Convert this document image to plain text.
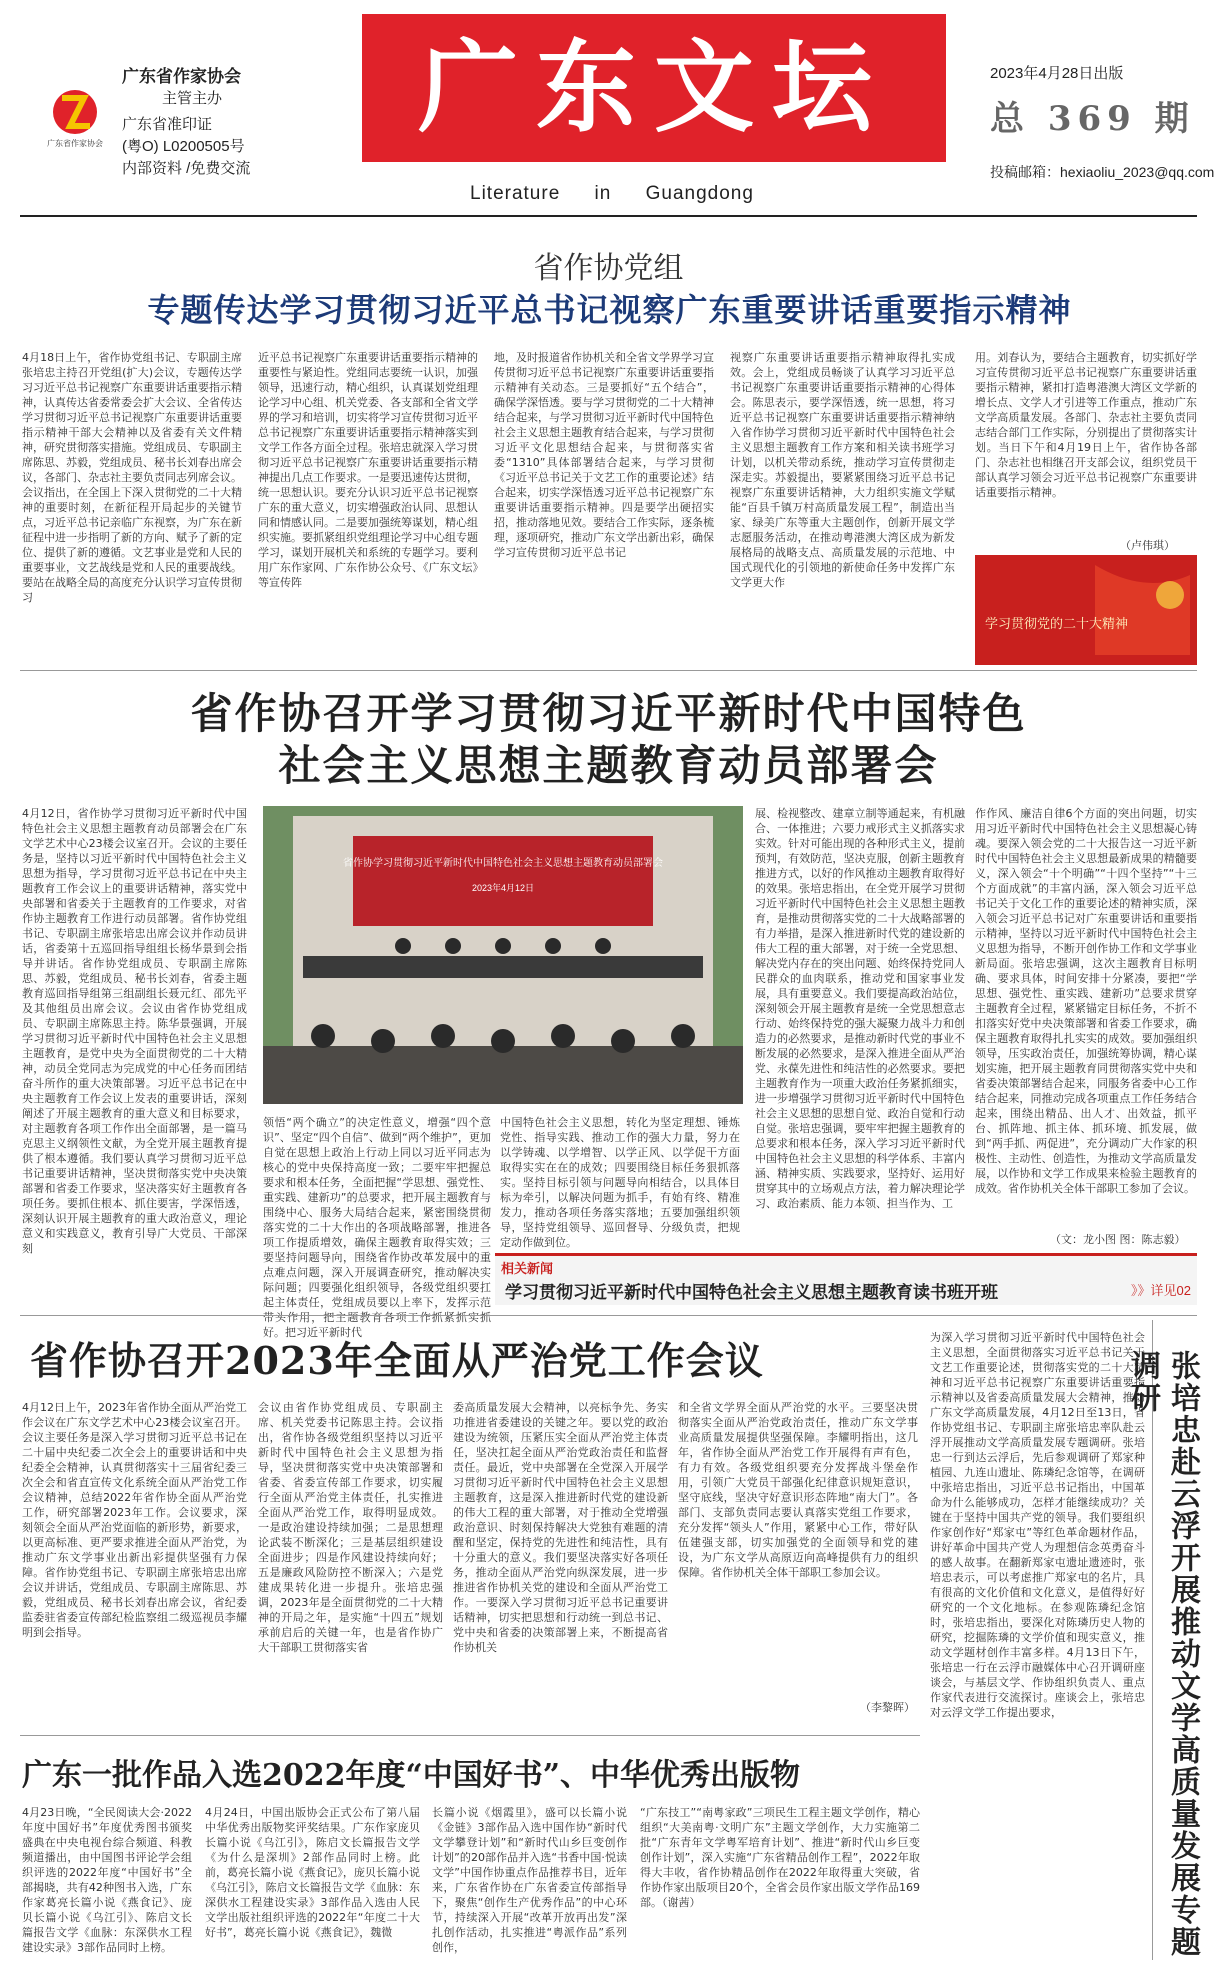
广东省作家协会
广东省作家协会
主管主办
广东省准印证
(粤O) L0200505号
内部资料 /免费交流
广东文坛
Literature in Guangdong
2023年4月28日出版
总 369 期
投稿邮箱：hexiaoliu_2023@qq.com
省作协党组
专题传达学习贯彻习近平总书记视察广东重要讲话重要指示精神
4月18日上午，省作协党组书记、专职副主席张培忠主持召开党组(扩大)会议，专题传达学习习近平总书记视察广东重要讲话重要指示精神，认真传达省委常委会扩大会议、全省传达学习贯彻习近平总书记视察广东重要讲话重要指示精神干部大会精神以及省委有关文件精神，研究贯彻落实措施。党组成员、专职副主席陈思、苏毅，党组成员、秘书长刘春出席会议，各部门、杂志社主要负责同志列席会议。会议指出，在全国上下深入贯彻党的二十大精神的重要时刻，在新征程开局起步的关键节点，习近平总书记亲临广东视察，为广东在新征程中进一步指明了新的方向、赋予了新的定位、提供了新的遵循。文艺事业是党和人民的重要事业，文艺战线是党和人民的重要战线。要站在战略全局的高度充分认识学习宣传贯彻习
近平总书记视察广东重要讲话重要指示精神的重要性与紧迫性。党组同志要统一认识，加强领导，迅速行动，精心组织，认真谋划党组理论学习中心组、机关党委、各支部和全省文学界的学习和培训，切实将学习宣传贯彻习近平总书记视察广东重要讲话重要指示精神落实到文学工作各方面全过程。张培忠就深入学习贯彻习近平总书记视察广东重要讲话重要指示精神提出几点工作要求。一是要迅速传达贯彻，统一思想认识。要充分认识习近平总书记视察广东的重大意义，切实增强政治认同、思想认同和情感认同。二是要加强统筹谋划，精心组织实施。要抓紧组织党组理论学习中心组专题学习，谋划开展机关和系统的专题学习。要利用广东作家网、广东作协公众号、《广东文坛》等宣传阵
地，及时报道省作协机关和全省文学界学习宣传贯彻习近平总书记视察广东重要讲话重要指示精神有关动态。三是要抓好“五个结合”，确保学深悟透。要与学习贯彻党的二十大精神结合起来，与学习贯彻习近平新时代中国特色社会主义思想主题教育结合起来，与学习贯彻习近平文化思想结合起来，与贯彻落实省委“1310”具体部署结合起来，与学习贯彻《习近平总书记关于文艺工作的重要论述》结合起来，切实学深悟透习近平总书记视察广东重要讲话重要指示精神。四是要学出硬招实招，推动落地见效。要结合工作实际，逐条梳理，逐项研究，推动广东文学出新出彩，确保学习宣传贯彻习近平总书记
视察广东重要讲话重要指示精神取得扎实成效。会上，党组成员畅谈了认真学习习近平总书记视察广东重要讲话重要指示精神的心得体会。陈思表示，要学深悟透，统一思想，将习近平总书记视察广东重要讲话重要指示精神纳入省作协学习贯彻习近平新时代中国特色社会主义思想主题教育工作方案和相关读书班学习计划，以机关带动系统，推动学习宣传贯彻走深走实。苏毅提出，要紧紧围绕习近平总书记视察广东重要讲话精神，大力组织实施文学赋能“百县千镇万村高质量发展工程”，制造出当家、绿美广东等重大主题创作，创新开展文学志愿服务活动，在推动粤港澳大湾区成为新发展格局的战略支点、高质量发展的示范地、中国式现代化的引领地的新使命任务中发挥广东文学更大作
用。刘春认为，要结合主题教育，切实抓好学习宣传贯彻习近平总书记视察广东重要讲话重要指示精神，紧扣打造粤港澳大湾区文学新的增长点、文学人才引进等工作重点，推动广东文学高质量发展。各部门、杂志社主要负责同志结合部门工作实际，分别提出了贯彻落实计划。当日下午和4月19日上午，省作协各部门、杂志社也相继召开支部会议，组织党员干部认真学习领会习近平总书记视察广东重要讲话重要指示精神。
（卢伟琪）
学习贯彻党的二十大精神
省作协召开学习贯彻习近平新时代中国特色
社会主义思想主题教育动员部署会
4月12日，省作协学习贯彻习近平新时代中国特色社会主义思想主题教育动员部署会在广东文学艺术中心23楼会议室召开。会议的主要任务是，坚持以习近平新时代中国特色社会主义思想为指导，学习贯彻习近平总书记在中央主题教育工作会议上的重要讲话精神，落实党中央部署和省委关于主题教育的工作要求，对省作协主题教育工作进行动员部署。省作协党组书记、专职副主席张培忠出席会议并作动员讲话，省委第十五巡回指导组组长杨华景到会指导并讲话。省作协党组成员、专职副主席陈思、苏毅，党组成员、秘书长刘春，省委主题教育巡回指导组第三组副组长聂元红、邵先平及其他组员出席会议。会议由省作协党组成员、专职副主席陈思主持。陈华景强调，开展学习贯彻习近平新时代中国特色社会主义思想主题教育，是党中央为全面贯彻党的二十大精神，动员全党同志为完成党的中心任务而团结奋斗所作的重大决策部署。习近平总书记在中央主题教育工作会议上发表的重要讲话，深刻阐述了开展主题教育的重大意义和目标要求，对主题教育各项工作作出全面部署，是一篇马克思主义纲领性文献，为全党开展主题教育提供了根本遵循。我们要认真学习贯彻习近平总书记重要讲话精神，坚决贯彻落实党中央决策部署和省委工作要求，坚决落实好主题教育各项任务。要抓住根本、抓住要害，学深悟透，深刻认识开展主题教育的重大政治意义，理论意义和实践意义，教育引导广大党员、干部深刻
省作协学习贯彻习近平新时代中国特色社会主义思想主题教育动员部署会
2023年4月12日
领悟“两个确立”的决定性意义，增强“四个意识”、坚定“四个自信”、做到“两个维护”，更加自觉在思想上政治上行动上同以习近平同志为核心的党中央保持高度一致；二要牢牢把握总要求和根本任务，全面把握“学思想、强党性、重实践、建新功”的总要求，把开展主题教育与围绕中心、服务大局结合起来，紧密围绕贯彻落实党的二十大作出的各项战略部署，推进各项工作提质增效，确保主题教育取得实效；三要坚持问题导向，围绕省作协改革发展中的重点难点问题，深入开展调查研究，推动解决实际问题；四要强化组织领导，各级党组织要扛起主体责任，党组成员要以上率下，发挥示范带头作用，把主题教育各项工作抓紧抓实抓好。把习近平新时代
中国特色社会主义思想，转化为坚定理想、锤炼党性、指导实践、推动工作的强大力量，努力在以学铸魂、以学增智、以学正风、以学促干方面取得实实在在的成效；四要围绕目标任务狠抓落实。坚持目标引领与问题导向相结合，以具体目标为牵引，以解决问题为抓手，有始有终、精准发力，推动各项任务落实落地；五要加强组织领导，坚持党组领导、巡回督导、分级负责，把规定动作做到位。
展、检视整改、建章立制等通起来，有机融合、一体推进；六要力戒形式主义抓落实求实效。针对可能出现的各种形式主义，提前预判，有效防范，坚决克服，创新主题教育推进方式，以好的作风推动主题教育取得好的效果。张培忠指出，在全党开展学习贯彻习近平新时代中国特色社会主义思想主题教育，是推动贯彻落实党的二十大战略部署的有力举措，是深入推进新时代党的建设新的伟大工程的重大部署，对于统一全党思想、解决党内存在的突出问题、始终保持党同人民群众的血肉联系，推动党和国家事业发展，具有重要意义。我们要提高政治站位，深刻领会开展主题教育是统一全党思想意志行动、始终保持党的强大凝聚力战斗力和创造力的必然要求，是推动新时代党的事业不断发展的必然要求，是深入推进全面从严治党、永葆先进性和纯洁性的必然要求。要把主题教育作为一项重大政治任务紧抓细实，进一步增强学习贯彻习近平新时代中国特色社会主义思想的思想自觉、政治自觉和行动自觉。张培忠强调，要牢牢把握主题教育的总要求和根本任务，深入学习习近平新时代中国特色社会主义思想的科学体系、丰富内涵、精神实质、实践要求，坚持好、运用好贯穿其中的立场观点方法，着力解决理论学习、政治素质、能力本领、担当作为、工
作作风、廉洁自律6个方面的突出问题，切实用习近平新时代中国特色社会主义思想凝心铸魂。要深入领会党的二十大报告这一习近平新时代中国特色社会主义思想最新成果的精髓要义，深入领会“十个明确”“十四个坚持”“十三个方面成就”的丰富内涵，深入领会习近平总书记关于文化工作的重要论述的精神实质，深入领会习近平总书记对广东重要讲话和重要指示精神，坚持以习近平新时代中国特色社会主义思想为指导，不断开创作协工作和文学事业新局面。张培忠强调，这次主题教育目标明确、要求具体，时间安排十分紧凑，要把“学思想、强党性、重实践、建新功”总要求贯穿主题教育全过程，紧紧锚定目标任务，不折不扣落实好党中央决策部署和省委工作要求，确保主题教育取得扎扎实实的成效。要加强组织领导，压实政治责任，加强统筹协调，精心谋划实施，把开展主题教育同贯彻落实党中央和省委决策部署结合起来，同服务省委中心工作结合起来，同推动完成各项重点工作任务结合起来，围绕出精品、出人才、出效益，抓平台、抓阵地、抓主体、抓环境、抓发展，做到“两手抓、两促进”，充分调动广大作家的积极性、主动性、创造性，为推动文学高质量发展，以作协和文学工作成果来检验主题教育的成效。省作协机关全体干部职工参加了会议。
（文：龙小图 图：陈志毅）
相关新闻
学习贯彻习近平新时代中国特色社会主义思想主题教育读书班开班	》》详见02
省作协召开2023年全面从严治党工作会议
4月12日上午，2023年省作协全面从严治党工作会议在广东文学艺术中心23楼会议室召开。会议主要任务是深入学习贯彻习近平总书记在二十届中央纪委二次全会上的重要讲话和中央纪委全会精神，认真贯彻落实十三届省纪委三次全会和省直宣传文化系统全面从严治党工作会议精神，总结2022年省作协全面从严治党工作，研究部署2023年工作。会议要求，深刻领会全面从严治党面临的新形势，新要求，以更高标准、更严要求推进全面从严治党，为推动广东文学事业出新出彩提供坚强有力保障。省作协党组书记、专职副主席张培忠出席会议并讲话，党组成员、专职副主席陈思、苏毅，党组成员、秘书长刘春出席会议，省纪委监委驻省委宣传部纪检监察组二级巡视员李耀明到会指导。
会议由省作协党组成员、专职副主席、机关党委书记陈思主持。会议指出，省作协各级党组织坚持以习近平新时代中国特色社会主义思想为指导，坚决贯彻落实党中央决策部署和省委、省委宣传部工作要求，切实履行全面从严治党主体责任，扎实推进全面从严治党工作，取得明显成效。一是政治建设持续加强；二是思想理论武装不断深化；三是基层组织建设全面进步；四是作风建设持续向好；五是廉政风险防控不断深入；六是党建成果转化进一步提升。张培忠强调，2023年是全面贯彻党的二十大精神的开局之年，是实施“十四五”规划承前启后的关键一年，也是省作协广大干部职工贯彻落实省
委高质量发展大会精神，以亮标争先、务实功推进省委建设的关键之年。要以党的政治建设为统领，压紧压实全面从严治党主体责任，坚决扛起全面从严治党政治责任和监督责任。最近，党中央部署在全党深入开展学习贯彻习近平新时代中国特色社会主义思想主题教育，这是深入推进新时代党的建设新的伟大工程的重大部署，对于推动全党增强政治意识、时刻保持解决大党独有难题的清醒和坚定，保持党的先进性和纯洁性，具有十分重大的意义。我们要坚决落实好各项任务，推动全面从严治党向纵深发展，进一步推进省作协机关党的建设和全面从严治党工作。一要深入学习贯彻习近平总书记重要讲话精神，切实把思想和行动统一到总书记、党中央和省委的决策部署上来，不断提高省作协机关
和全省文学界全面从严治党的水平。三要坚决贯彻落实全面从严治党政治责任，推动广东文学事业高质量发展提供坚强保障。李耀明指出，这几年，省作协全面从严治党工作开展得有声有色，有力有效。各级党组织要充分发挥战斗堡垒作用，引领广大党员干部强化纪律意识规矩意识，坚守底线，坚决守好意识形态阵地“南大门”。各部门、支部负责同志要认真落实党组工作要求，充分发挥“领头人”作用，紧紧中心工作，带好队伍建强支部，切实加强党的全面领导和党的建设，为广东文学从高原迈向高峰提供有力的组织保障。省作协机关全体干部职工参加会议。
（李黎晖）
为深入学习贯彻习近平新时代中国特色社会主义思想，全面贯彻落实习近平总书记关于文艺工作重要论述，贯彻落实党的二十大精神和习近平总书记视察广东重要讲话重要指示精神以及省委高质量发展大会精神，推动广东文学高质量发展，4月12日至13日，省作协党组书记、专职副主席张培忠率队赴云浮开展推动文学高质量发展专题调研。张培忠一行到达云浮后，先后参观调研了郑家种植园、九连山遗址、陈璘纪念馆等，在调研中张培忠指出，习近平总书记指出，中国革命为什么能够成功，怎样才能继续成功？关键在于坚持中国共产党的领导。我们要组织作家创作好“郑家屯”等红色革命题材作品，讲好革命中国共产党人为理想信念英勇奋斗的感人故事。在翻新郑家屯遗址遗迹时，张培忠表示，可以考虑推广郑家屯的名片，具有很高的文化价值和文化意义，是值得好好研究的一个文化地标。在参观陈璘纪念馆时，张培忠指出，要深化对陈璘历史人物的研究，挖掘陈璘的文学价值和现实意义，推动文学题材创作丰富多样。4月13日下午，张培忠一行在云浮市融媒体中心召开调研座谈会，与基层文学、作协组织负责人、重点作家代表进行交流探讨。座谈会上，张培忠对云浮文学工作提出要求，
广东一批作品入选2022年度“中国好书”、中华优秀出版物
4月23日晚，“全民阅读大会·2022年度中国好书”年度优秀图书颁奖盛典在中央电视台综合频道、科教频道播出，由中国图书评论学会组织评选的2022年度“中国好书”全部揭晓，共有42种图书入选，广东作家葛亮长篇小说《燕食记》、庞贝长篇小说《乌江引》、陈启文长篇报告文学《血脉：东深供水工程建设实录》3部作品同时上榜。
4月24日，中国出版协会正式公布了第八届中华优秀出版物奖评奖结果。广东作家庞贝长篇小说《乌江引》，陈启文长篇报告文学《为什么是深圳》2部作品同时上榜。此前，葛亮长篇小说《燕食记》，庞贝长篇小说《乌江引》，陈启文长篇报告文学《血脉：东深供水工程建设实录》3部作品入选由人民文学出版社组织评选的2022年“年度二十大好书”，葛亮长篇小说《燕食记》，魏微
长篇小说《烟霞里》，盛可以长篇小说《金链》3部作品入选中国作协“新时代文学攀登计划”和“新时代山乡巨变创作计划”的20部作品并入选“书香中国·悦读文学”中国作协重点作品推荐书目，近年来，广东省作协在广东省委宣传部指导下，聚焦“创作生产优秀作品”的中心环节，持续深入开展“改革开放再出发”深扎创作活动，扎实推进“粤派作品”系列创作，
“广东技工”“南粤家政”三项民生工程主题文学创作，精心组织“大美南粤·文明广东”主题文学创作，大力实施第二批“广东青年文学粤军培育计划”、推进“新时代山乡巨变创作计划”，深入实施“广东省精品创作工程”，2022年取得大丰收，省作协精品创作在2022年取得重大突破，省作协作家出版项目20个，全省会员作家出版文学作品169部。（谢茜）	张培忠赴云浮开展推动文学高质量发展专题调研
